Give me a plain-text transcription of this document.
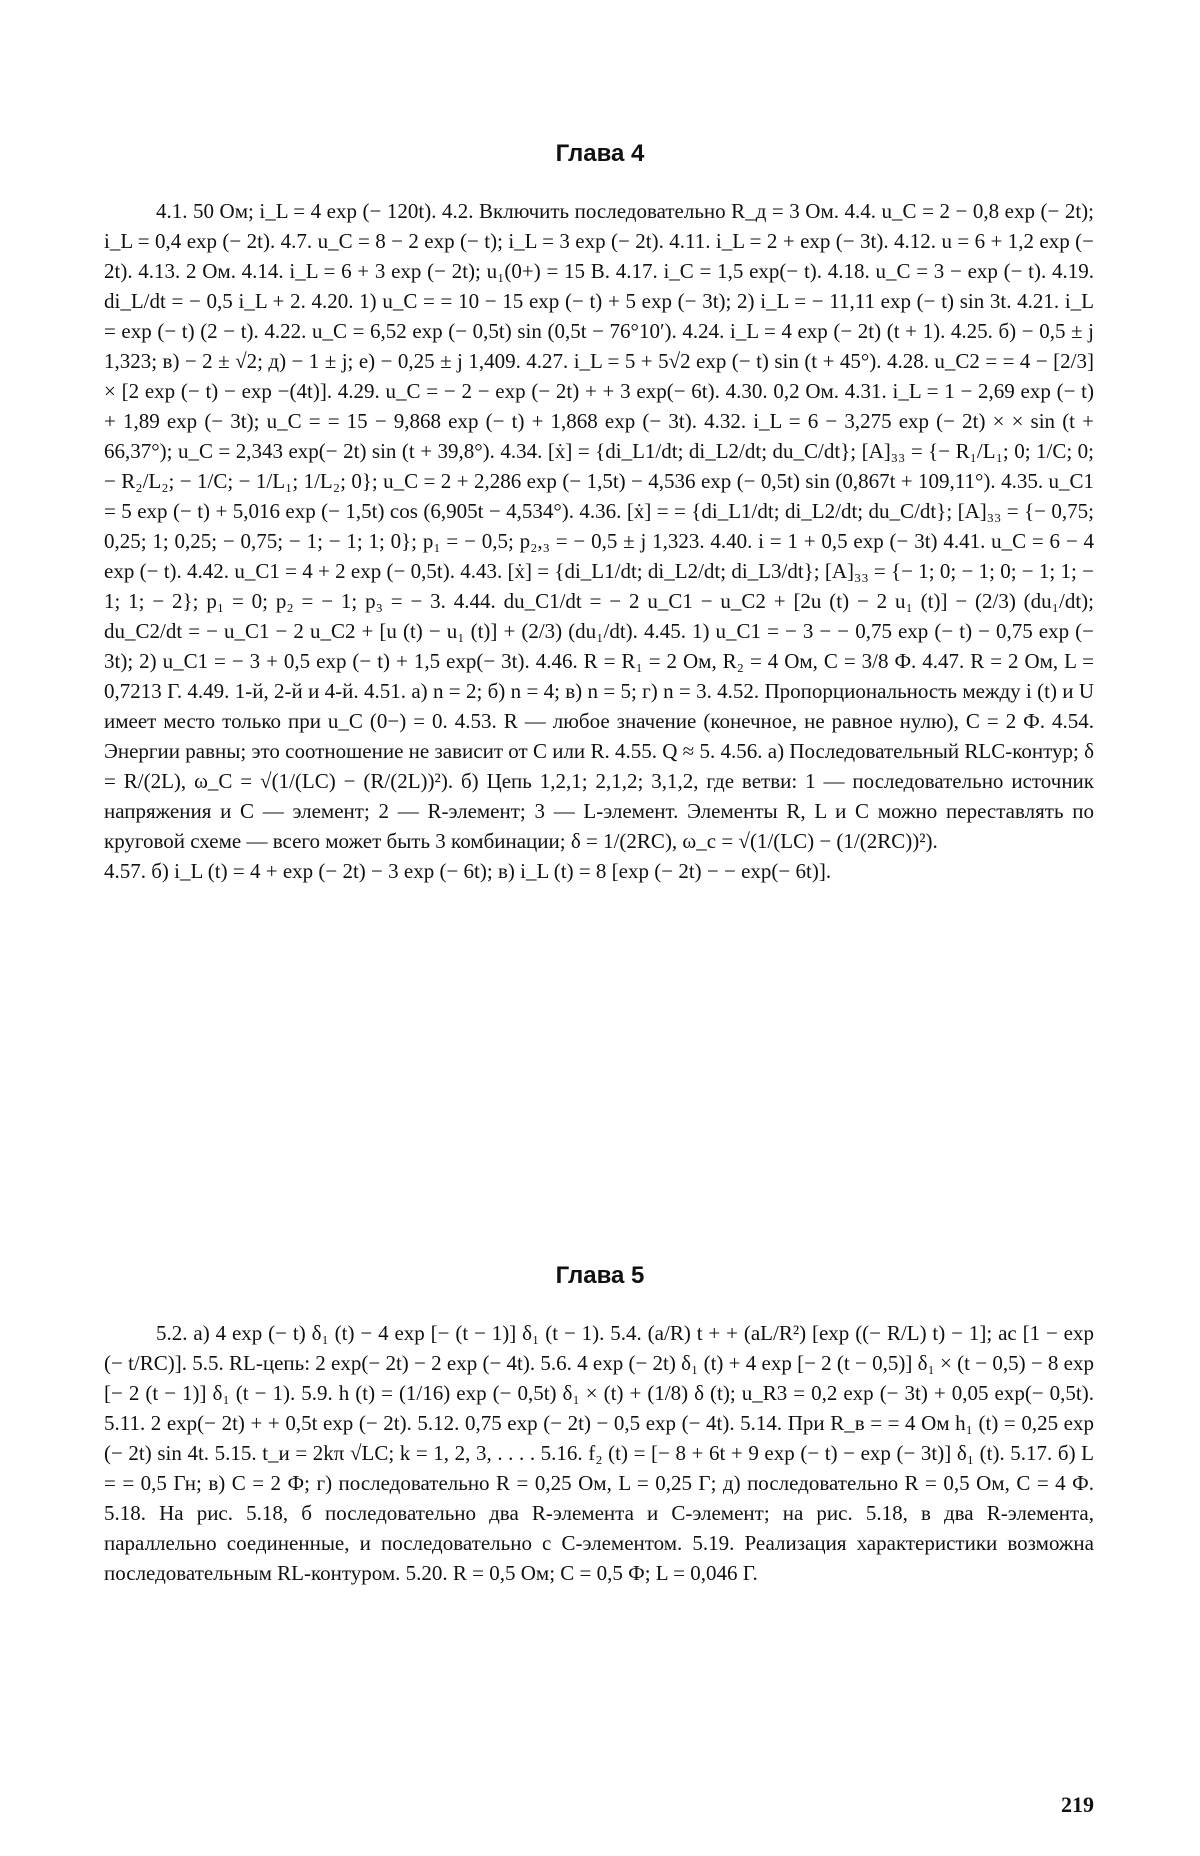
Глава 4

4.1. 50 Ом; i_L = 4 exp (− 120t). 4.2. Включить последовательно R_д = 3 Ом. 4.4. u_C = 2 − 0,8 exp (− 2t); i_L = 0,4 exp (− 2t). 4.7. u_C = 8 − 2 exp (− t); i_L = 3 exp (− 2t). 4.11. i_L = 2 + exp (− 3t). 4.12. u = 6 + 1,2 exp (− 2t). 4.13. 2 Ом. 4.14. i_L = 6 + 3 exp (− 2t); u₁(0+) = 15 В. 4.17. i_C = 1,5 exp(− t). 4.18. u_C = 3 − exp (− t). 4.19. di_L/dt = − 0,5 i_L + 2. 4.20. 1) u_C = = 10 − 15 exp (− t) + 5 exp (− 3t); 2) i_L = − 11,11 exp (− t) sin 3t. 4.21. i_L = exp (− t) (2 − t). 4.22. u_C = 6,52 exp (− 0,5t) sin (0,5t − 76°10′). 4.24. i_L = 4 exp (− 2t) (t + 1). 4.25. б) − 0,5 ± j 1,323; в) − 2 ± √2; д) − 1 ± j; е) − 0,25 ± j 1,409. 4.27. i_L = 5 + 5√2 exp (− t) sin (t + 45°). 4.28. u_C2 = = 4 − [2/3] × [2 exp (− t) − exp −(4t)]. 4.29. u_C = − 2 − exp (− 2t) + + 3 exp(− 6t). 4.30. 0,2 Ом. 4.31. i_L = 1 − 2,69 exp (− t) + 1,89 exp (− 3t); u_C = = 15 − 9,868 exp (− t) + 1,868 exp (− 3t). 4.32. i_L = 6 − 3,275 exp (− 2t) × × sin (t + 66,37°); u_C = 2,343 exp(− 2t) sin (t + 39,8°). 4.34. [ẋ] = {di_L1/dt; di_L2/dt; du_C/dt}; [A]₃₃ = {− R₁/L₁; 0; 1/C; 0; − R₂/L₂; − 1/C; − 1/L₁; 1/L₂; 0}; u_C = 2 + 2,286 exp (− 1,5t) − 4,536 exp (− 0,5t) sin (0,867t + 109,11°). 4.35. u_C1 = 5 exp (− t) + 5,016 exp (− 1,5t) cos (6,905t − 4,534°). 4.36. [ẋ] = = {di_L1/dt; di_L2/dt; du_C/dt}; [A]₃₃ = {− 0,75; 0,25; 1; 0,25; − 0,75; − 1; − 1; 1; 0}; p₁ = − 0,5; p₂,₃ = − 0,5 ± j 1,323. 4.40. i = 1 + 0,5 exp (− 3t) 4.41. u_C = 6 − 4 exp (− t). 4.42. u_C1 = 4 + 2 exp (− 0,5t). 4.43. [ẋ] = {di_L1/dt; di_L2/dt; di_L3/dt}; [A]₃₃ = {− 1; 0; − 1; 0; − 1; 1; − 1; 1; − 2}; p₁ = 0; p₂ = − 1; p₃ = − 3. 4.44. du_C1/dt = − 2 u_C1 − u_C2 + [2u (t) − 2 u₁ (t)] − (2/3) (du₁/dt); du_C2/dt = − u_C1 − 2 u_C2 + [u (t) − u₁ (t)] + (2/3) (du₁/dt). 4.45. 1) u_C1 = − 3 − − 0,75 exp (− t) − 0,75 exp (− 3t); 2) u_C1 = − 3 + 0,5 exp (− t) + 1,5 exp(− 3t). 4.46. R = R₁ = 2 Ом, R₂ = 4 Ом, C = 3/8 Ф. 4.47. R = 2 Ом, L = 0,7213 Г. 4.49. 1-й, 2-й и 4-й. 4.51. а) n = 2; б) n = 4; в) n = 5; г) n = 3. 4.52. Пропорциональность между i (t) и U имеет место только при u_C (0−) = 0. 4.53. R — любое значение (конечное, не равное нулю), C = 2 Ф. 4.54. Энергии равны; это соотношение не зависит от C или R. 4.55. Q ≈ 5. 4.56. а) Последовательный RLC-контур; δ = R/(2L), ω_C = √(1/(LC) − (R/(2L))²). б) Цепь 1,2,1; 2,1,2; 3,1,2, где ветви: 1 — последовательно источник напряжения и C — элемент; 2 — R-элемент; 3 — L-элемент. Элементы R, L и C можно переставлять по круговой схеме — всего может быть 3 комбинации; δ = 1/(2RC), ω_c = √(1/(LC) − (1/(2RC))²).

4.57. б) i_L (t) = 4 + exp (− 2t) − 3 exp (− 6t); в) i_L (t) = 8 [exp (− 2t) − − exp(− 6t)].

Глава 5

5.2. а) 4 exp (− t) δ₁ (t) − 4 exp [− (t − 1)] δ₁ (t − 1). 5.4. (a/R) t + + (aL/R²) [exp ((− R/L) t) − 1]; ac [1 − exp (− t/RC)]. 5.5. RL-цепь: 2 exp(− 2t) − 2 exp (− 4t). 5.6. 4 exp (− 2t) δ₁ (t) + 4 exp [− 2 (t − 0,5)] δ₁ × (t − 0,5) − 8 exp [− 2 (t − 1)] δ₁ (t − 1). 5.9. h (t) = (1/16) exp (− 0,5t) δ₁ × (t) + (1/8) δ (t); u_R3 = 0,2 exp (− 3t) + 0,05 exp(− 0,5t). 5.11. 2 exp(− 2t) + + 0,5t exp (− 2t). 5.12. 0,75 exp (− 2t) − 0,5 exp (− 4t). 5.14. При R_в = = 4 Ом h₁ (t) = 0,25 exp (− 2t) sin 4t. 5.15. t_и = 2kπ √LC; k = 1, 2, 3, . . . . 5.16. f₂ (t) = [− 8 + 6t + 9 exp (− t) − exp (− 3t)] δ₁ (t). 5.17. б) L = = 0,5 Гн; в) C = 2 Ф; г) последовательно R = 0,25 Ом, L = 0,25 Г; д) последовательно R = 0,5 Ом, C = 4 Ф. 5.18. На рис. 5.18, б последовательно два R-элемента и C-элемент; на рис. 5.18, в два R-элемента, параллельно соединенные, и последовательно с C-элементом. 5.19. Реализация характеристики возможна последовательным RL-контуром. 5.20. R = 0,5 Ом; C = 0,5 Ф; L = 0,046 Г.

219
